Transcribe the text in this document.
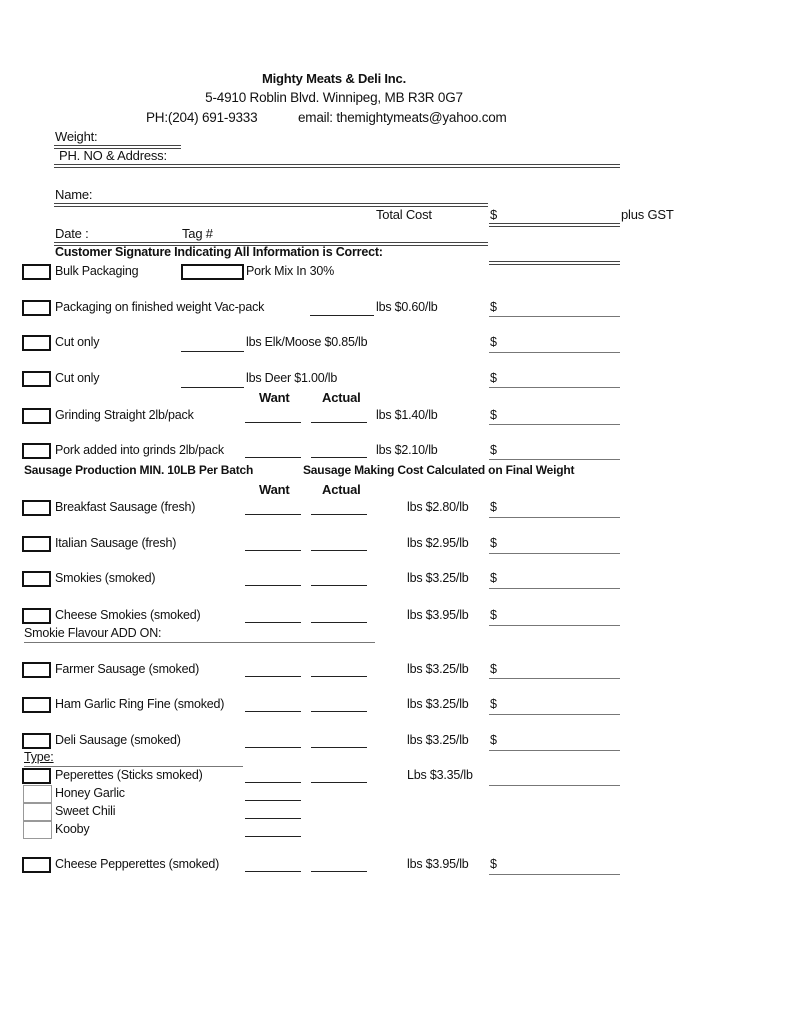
Mighty Meats & Deli Inc.
5-4910 Roblin Blvd. Winnipeg, MB R3R 0G7
PH:(204) 691-9333	email: themightymeats@yahoo.com
Weight:
PH. NO & Address:
Name:
Total Cost	$	plus GST
Date :	Tag #
Customer Signature Indicating All Information is Correct:
Bulk Packaging	Pork Mix In 30%
Packaging on finished weight Vac-pack	lbs $0.60/lb	$
Cut only	lbs Elk/Moose $0.85/lb	$
Cut only	lbs Deer $1.00/lb	$
Want	Actual
Grinding Straight 2lb/pack	lbs $1.40/lb	$
Pork added into grinds 2lb/pack	lbs $2.10/lb	$
Sausage Production MIN. 10LB Per Batch	Sausage Making Cost Calculated on Final Weight
Want	Actual
Breakfast Sausage (fresh)	lbs $2.80/lb $
Italian Sausage (fresh)	lbs $2.95/lb $
Smokies (smoked)	lbs $3.25/lb $
Cheese Smokies (smoked)	lbs $3.95/lb $
Smokie Flavour ADD ON:
Farmer Sausage (smoked)	lbs $3.25/lb $
Ham Garlic Ring Fine (smoked)	lbs $3.25/lb $
Deli Sausage (smoked)	lbs $3.25/lb $
Type:
Peperettes (Sticks smoked)	Lbs $3.35/lb
Honey Garlic
Sweet Chili
Kooby
Cheese Pepperettes (smoked)	lbs $3.95/lb $
